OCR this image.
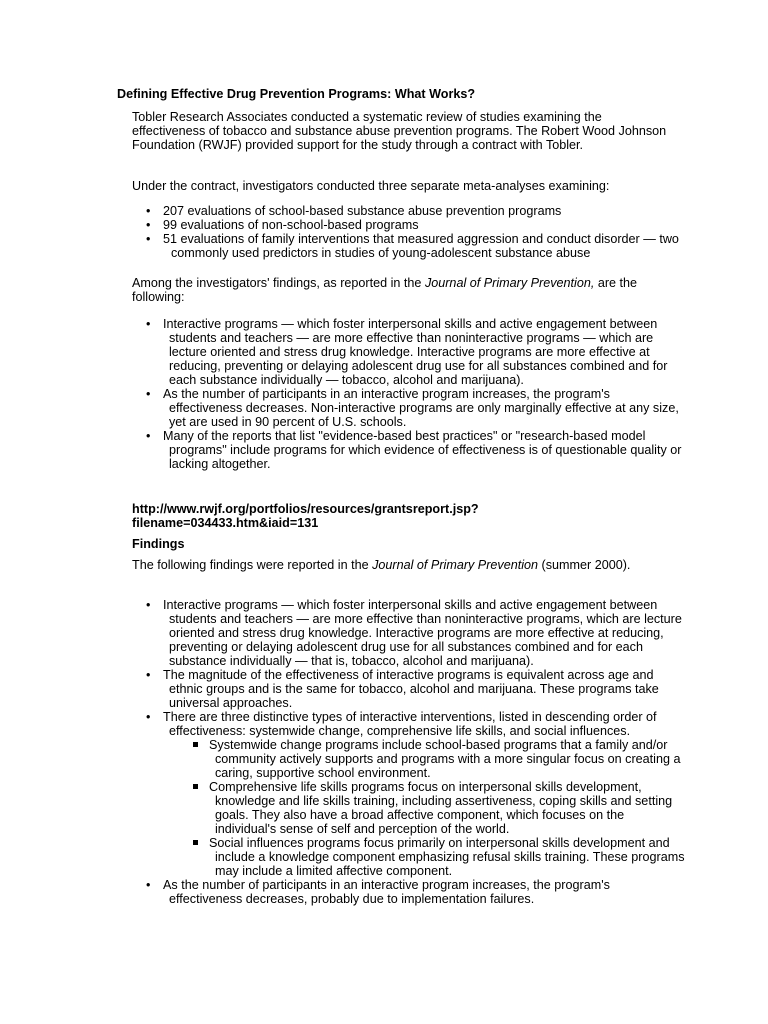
Defining Effective Drug Prevention Programs: What Works?
Tobler Research Associates conducted a systematic review of studies examining the effectiveness of tobacco and substance abuse prevention programs. The Robert Wood Johnson Foundation (RWJF) provided support for the study through a contract with Tobler.
Under the contract, investigators conducted three separate meta-analyses examining:
• 207 evaluations of school-based substance abuse prevention programs
• 99 evaluations of non-school-based programs
• 51 evaluations of family interventions that measured aggression and conduct disorder — two commonly used predictors in studies of young-adolescent substance abuse
Among the investigators' findings, as reported in the Journal of Primary Prevention, are the following:
• Interactive programs — which foster interpersonal skills and active engagement between students and teachers — are more effective than noninteractive programs — which are lecture oriented and stress drug knowledge. Interactive programs are more effective at reducing, preventing or delaying adolescent drug use for all substances combined and for each substance individually — tobacco, alcohol and marijuana).
• As the number of participants in an interactive program increases, the program's effectiveness decreases. Non-interactive programs are only marginally effective at any size, yet are used in 90 percent of U.S. schools.
• Many of the reports that list "evidence-based best practices" or "research-based model programs" include programs for which evidence of effectiveness is of questionable quality or lacking altogether.
http://www.rwjf.org/portfolios/resources/grantsreport.jsp?
filename=034433.htm&iaid=131
Findings
The following findings were reported in the Journal of Primary Prevention (summer 2000).
• Interactive programs — which foster interpersonal skills and active engagement between students and teachers — are more effective than noninteractive programs, which are lecture oriented and stress drug knowledge. Interactive programs are more effective at reducing, preventing or delaying adolescent drug use for all substances combined and for each substance individually — that is, tobacco, alcohol and marijuana).
• The magnitude of the effectiveness of interactive programs is equivalent across age and ethnic groups and is the same for tobacco, alcohol and marijuana. These programs take universal approaches.
• There are three distinctive types of interactive interventions, listed in descending order of effectiveness: systemwide change, comprehensive life skills, and social influences.
Systemwide change programs include school-based programs that a family and/or community actively supports and programs with a more singular focus on creating a caring, supportive school environment.
Comprehensive life skills programs focus on interpersonal skills development, knowledge and life skills training, including assertiveness, coping skills and setting goals. They also have a broad affective component, which focuses on the individual's sense of self and perception of the world.
Social influences programs focus primarily on interpersonal skills development and include a knowledge component emphasizing refusal skills training. These programs may include a limited affective component.
• As the number of participants in an interactive program increases, the program's effectiveness decreases, probably due to implementation failures.
